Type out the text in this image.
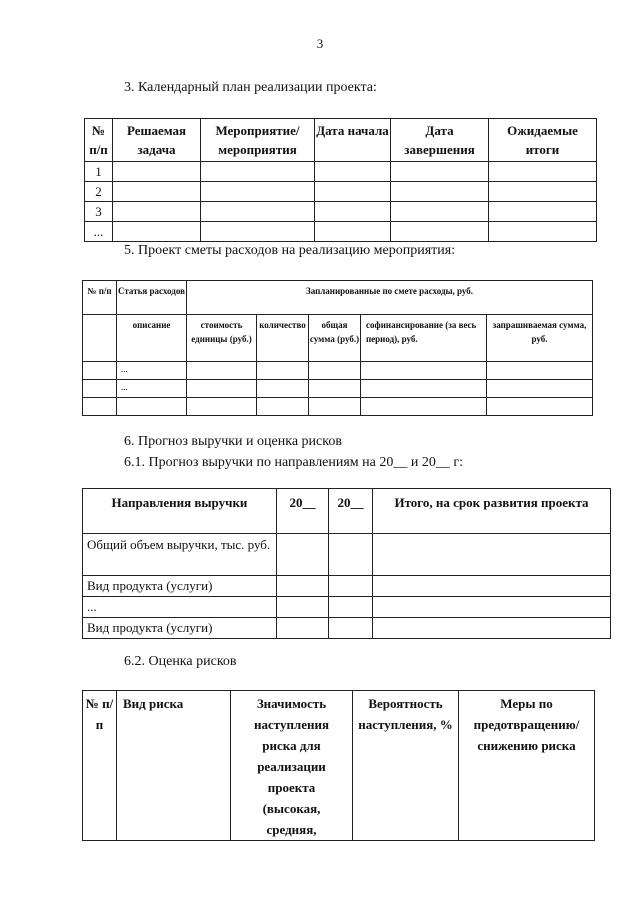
3
3. Календарный план реализации проекта:
№ п/п	Решаемая задача	Мероприятие/ мероприятия	Дата начала	Дата завершения	Ожидаемые итоги
1					
2					
3					
...					
5. Проект сметы расходов на реализацию мероприятия:
№ п/п	Статья расходов	Запланированные по смете расходы, руб.				
	описание	стоимость единицы (руб.)	количество	общая сумма (руб.)	софинансирование (за весь период), руб.	запрашиваемая сумма, руб.
	...					
	...					

6. Прогноз выручки и оценка рисков
6.1. Прогноз выручки по направлениям на 20__ и 20__ г:
Направления выручки	20__	20__	Итого, на срок развития проекта
Общий объем выручки, тыс. руб.			
Вид продукта (услуги)			
...			
Вид продукта (услуги)			
6.2. Оценка рисков
№ п/п	Вид риска	Значимость наступления риска для реализации проекта (высокая, средняя,	Вероятность наступления, %	Меры по предотвращению/ снижению риска
